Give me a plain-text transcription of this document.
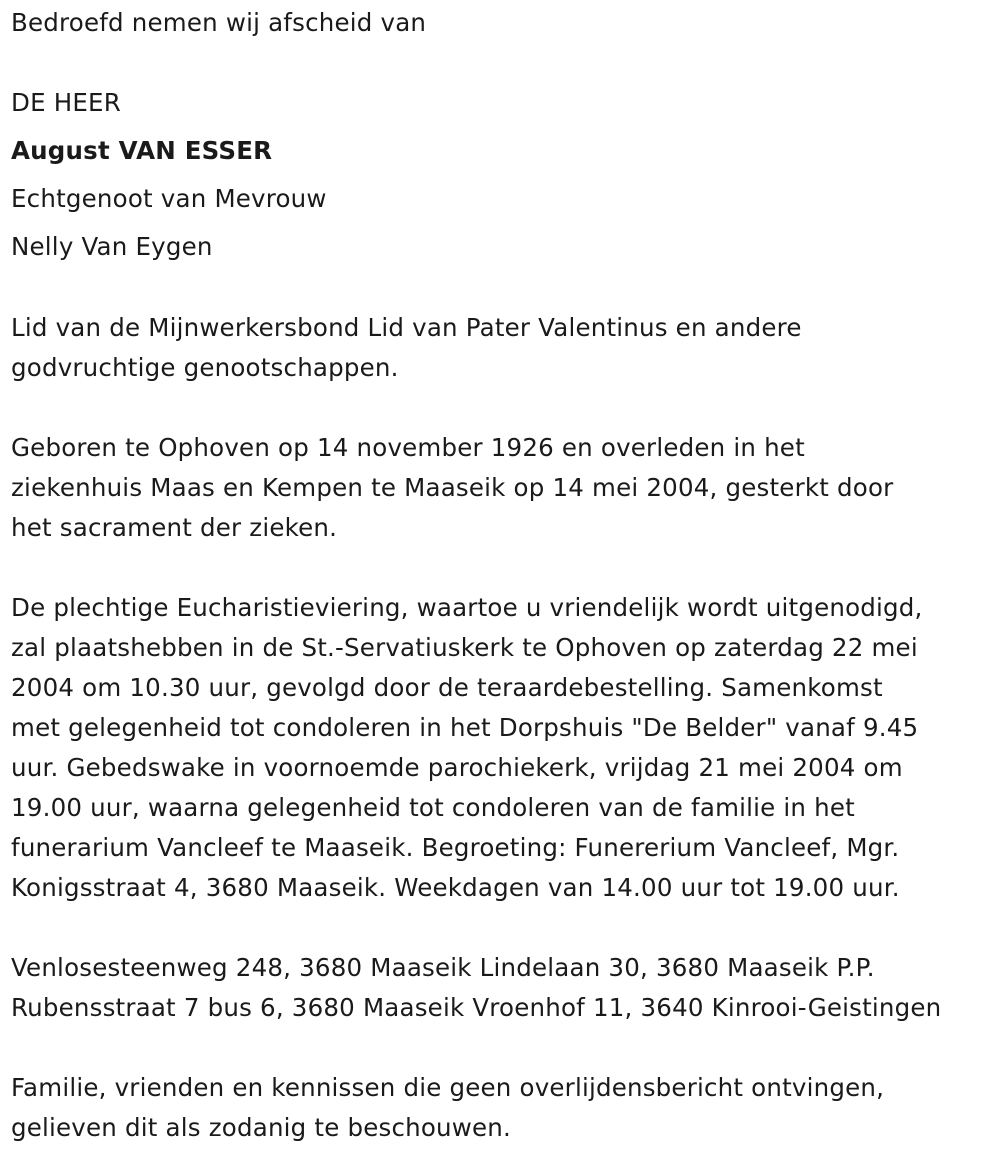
Bedroefd nemen wij afscheid van
DE HEER
August VAN ESSER
Echtgenoot van Mevrouw
Nelly Van Eygen
Lid van de Mijnwerkersbond Lid van Pater Valentinus en andere
godvruchtige genootschappen.
Geboren te Ophoven op 14 november 1926 en overleden in het
ziekenhuis Maas en Kempen te Maaseik op 14 mei 2004, gesterkt door
het sacrament der zieken.
De plechtige Eucharistieviering, waartoe u vriendelijk wordt uitgenodigd,
zal plaatshebben in de St.-Servatiuskerk te Ophoven op zaterdag 22 mei
2004 om 10.30 uur, gevolgd door de teraardebestelling. Samenkomst
met gelegenheid tot condoleren in het Dorpshuis "De Belder" vanaf 9.45
uur. Gebedswake in voornoemde parochiekerk, vrijdag 21 mei 2004 om
19.00 uur, waarna gelegenheid tot condoleren van de familie in het
funerarium Vancleef te Maaseik. Begroeting: Funererium Vancleef, Mgr.
Konigsstraat 4, 3680 Maaseik. Weekdagen van 14.00 uur tot 19.00 uur.
Venlosesteenweg 248, 3680 Maaseik Lindelaan 30, 3680 Maaseik P.P.
Rubensstraat 7 bus 6, 3680 Maaseik Vroenhof 11, 3640 Kinrooi-Geistingen
Familie, vrienden en kennissen die geen overlijdensbericht ontvingen,
gelieven dit als zodanig te beschouwen.
